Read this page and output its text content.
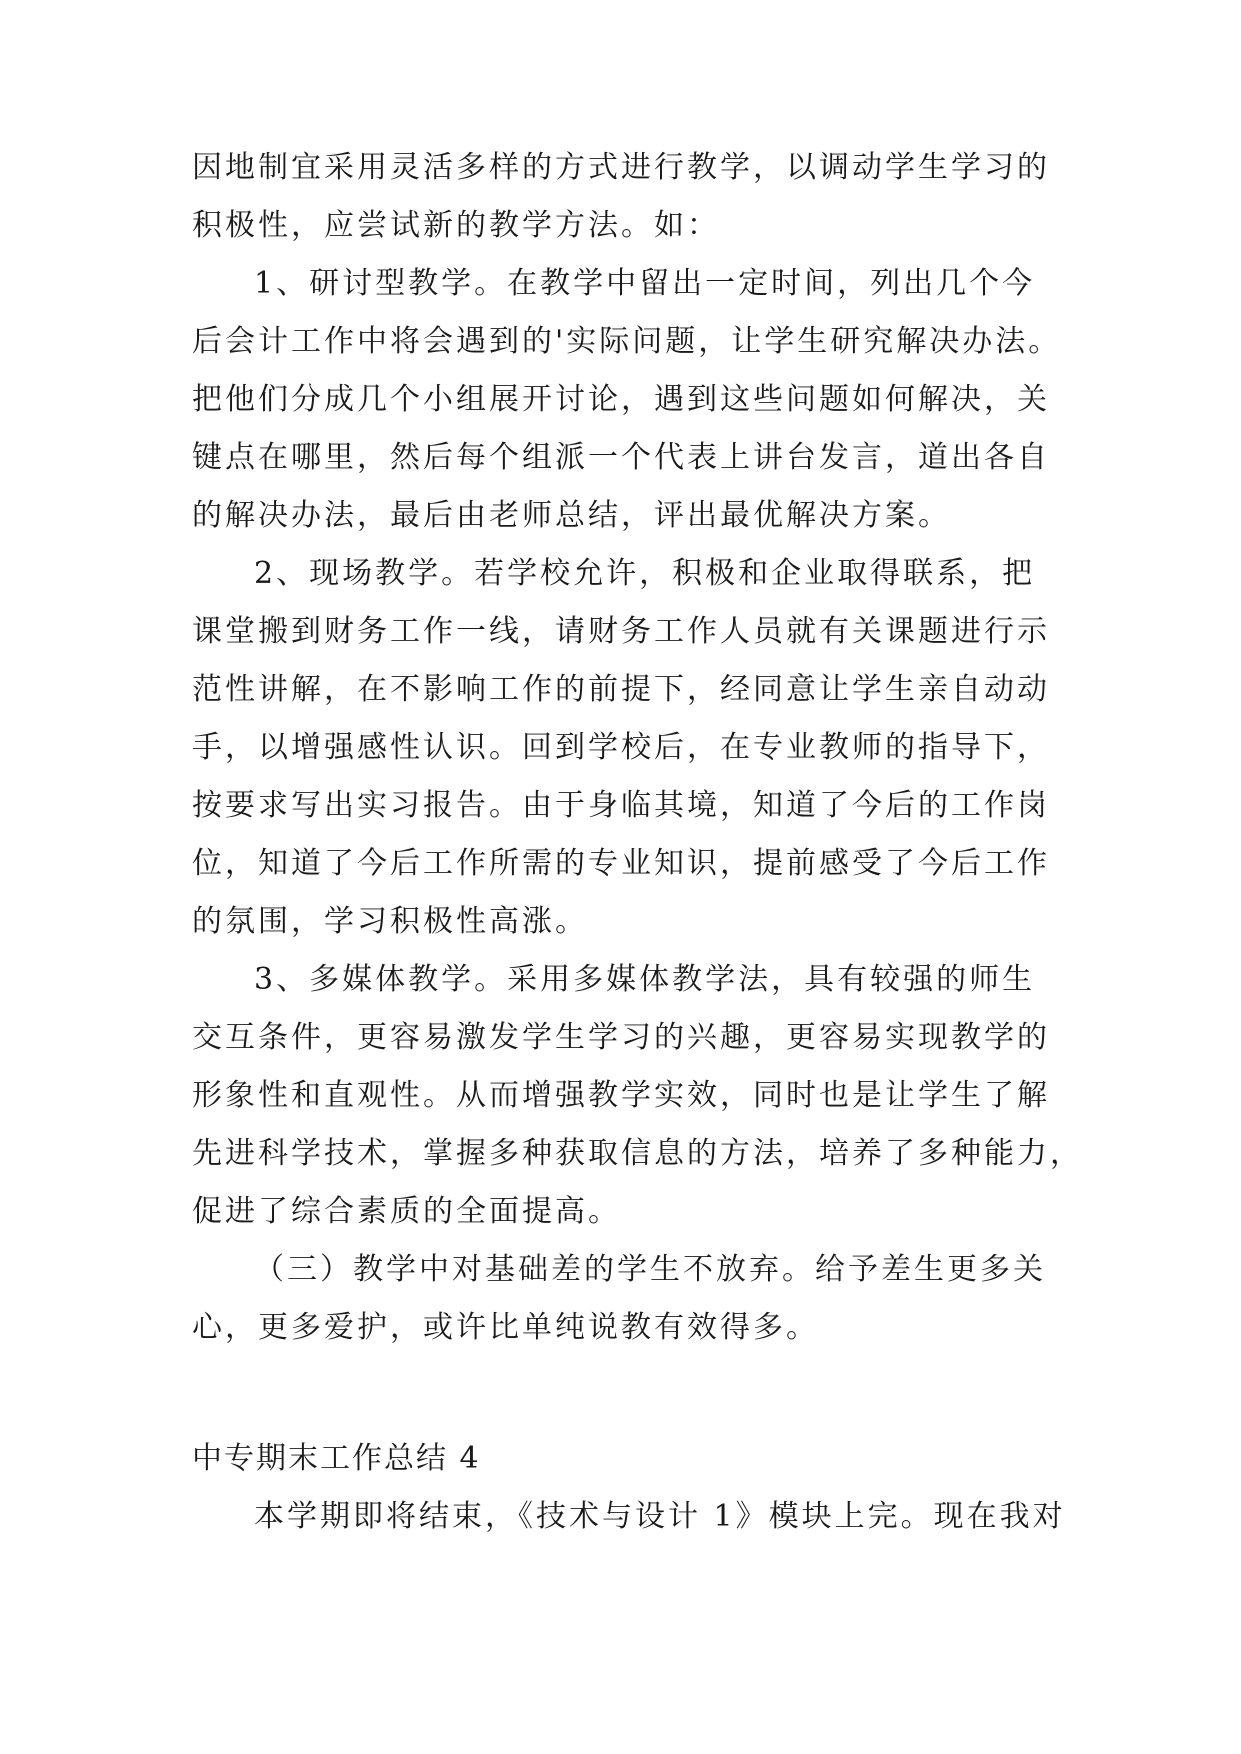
因地制宜采用灵活多样的方式进行教学，以调动学生学习的
积极性，应尝试新的教学方法。如：
1、研讨型教学。在教学中留出一定时间，列出几个今
后会计工作中将会遇到的'实际问题，让学生研究解决办法。
把他们分成几个小组展开讨论，遇到这些问题如何解决，关
键点在哪里，然后每个组派一个代表上讲台发言，道出各自
的解决办法，最后由老师总结，评出最优解决方案。
2、现场教学。若学校允许，积极和企业取得联系，把
课堂搬到财务工作一线，请财务工作人员就有关课题进行示
范性讲解，在不影响工作的前提下，经同意让学生亲自动动
手，以增强感性认识。回到学校后，在专业教师的指导下，
按要求写出实习报告。由于身临其境，知道了今后的工作岗
位，知道了今后工作所需的专业知识，提前感受了今后工作
的氛围，学习积极性高涨。
3、多媒体教学。采用多媒体教学法，具有较强的师生
交互条件，更容易激发学生学习的兴趣，更容易实现教学的
形象性和直观性。从而增强教学实效，同时也是让学生了解
先进科学技术，掌握多种获取信息的方法，培养了多种能力，
促进了综合素质的全面提高。
（三）教学中对基础差的学生不放弃。给予差生更多关
心，更多爱护，或许比单纯说教有效得多。
中专期末工作总结 4
本学期即将结束，《技术与设计 1》模块上完。现在我对
